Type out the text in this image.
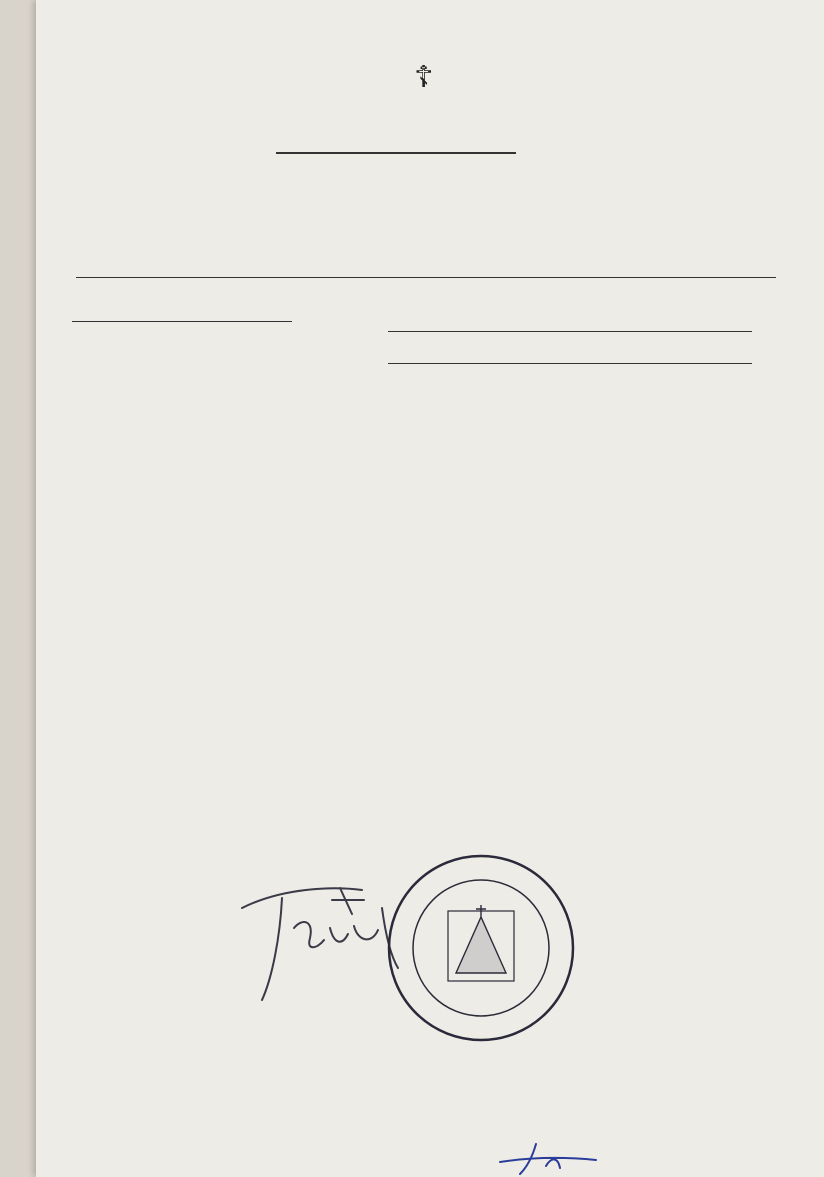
☦
